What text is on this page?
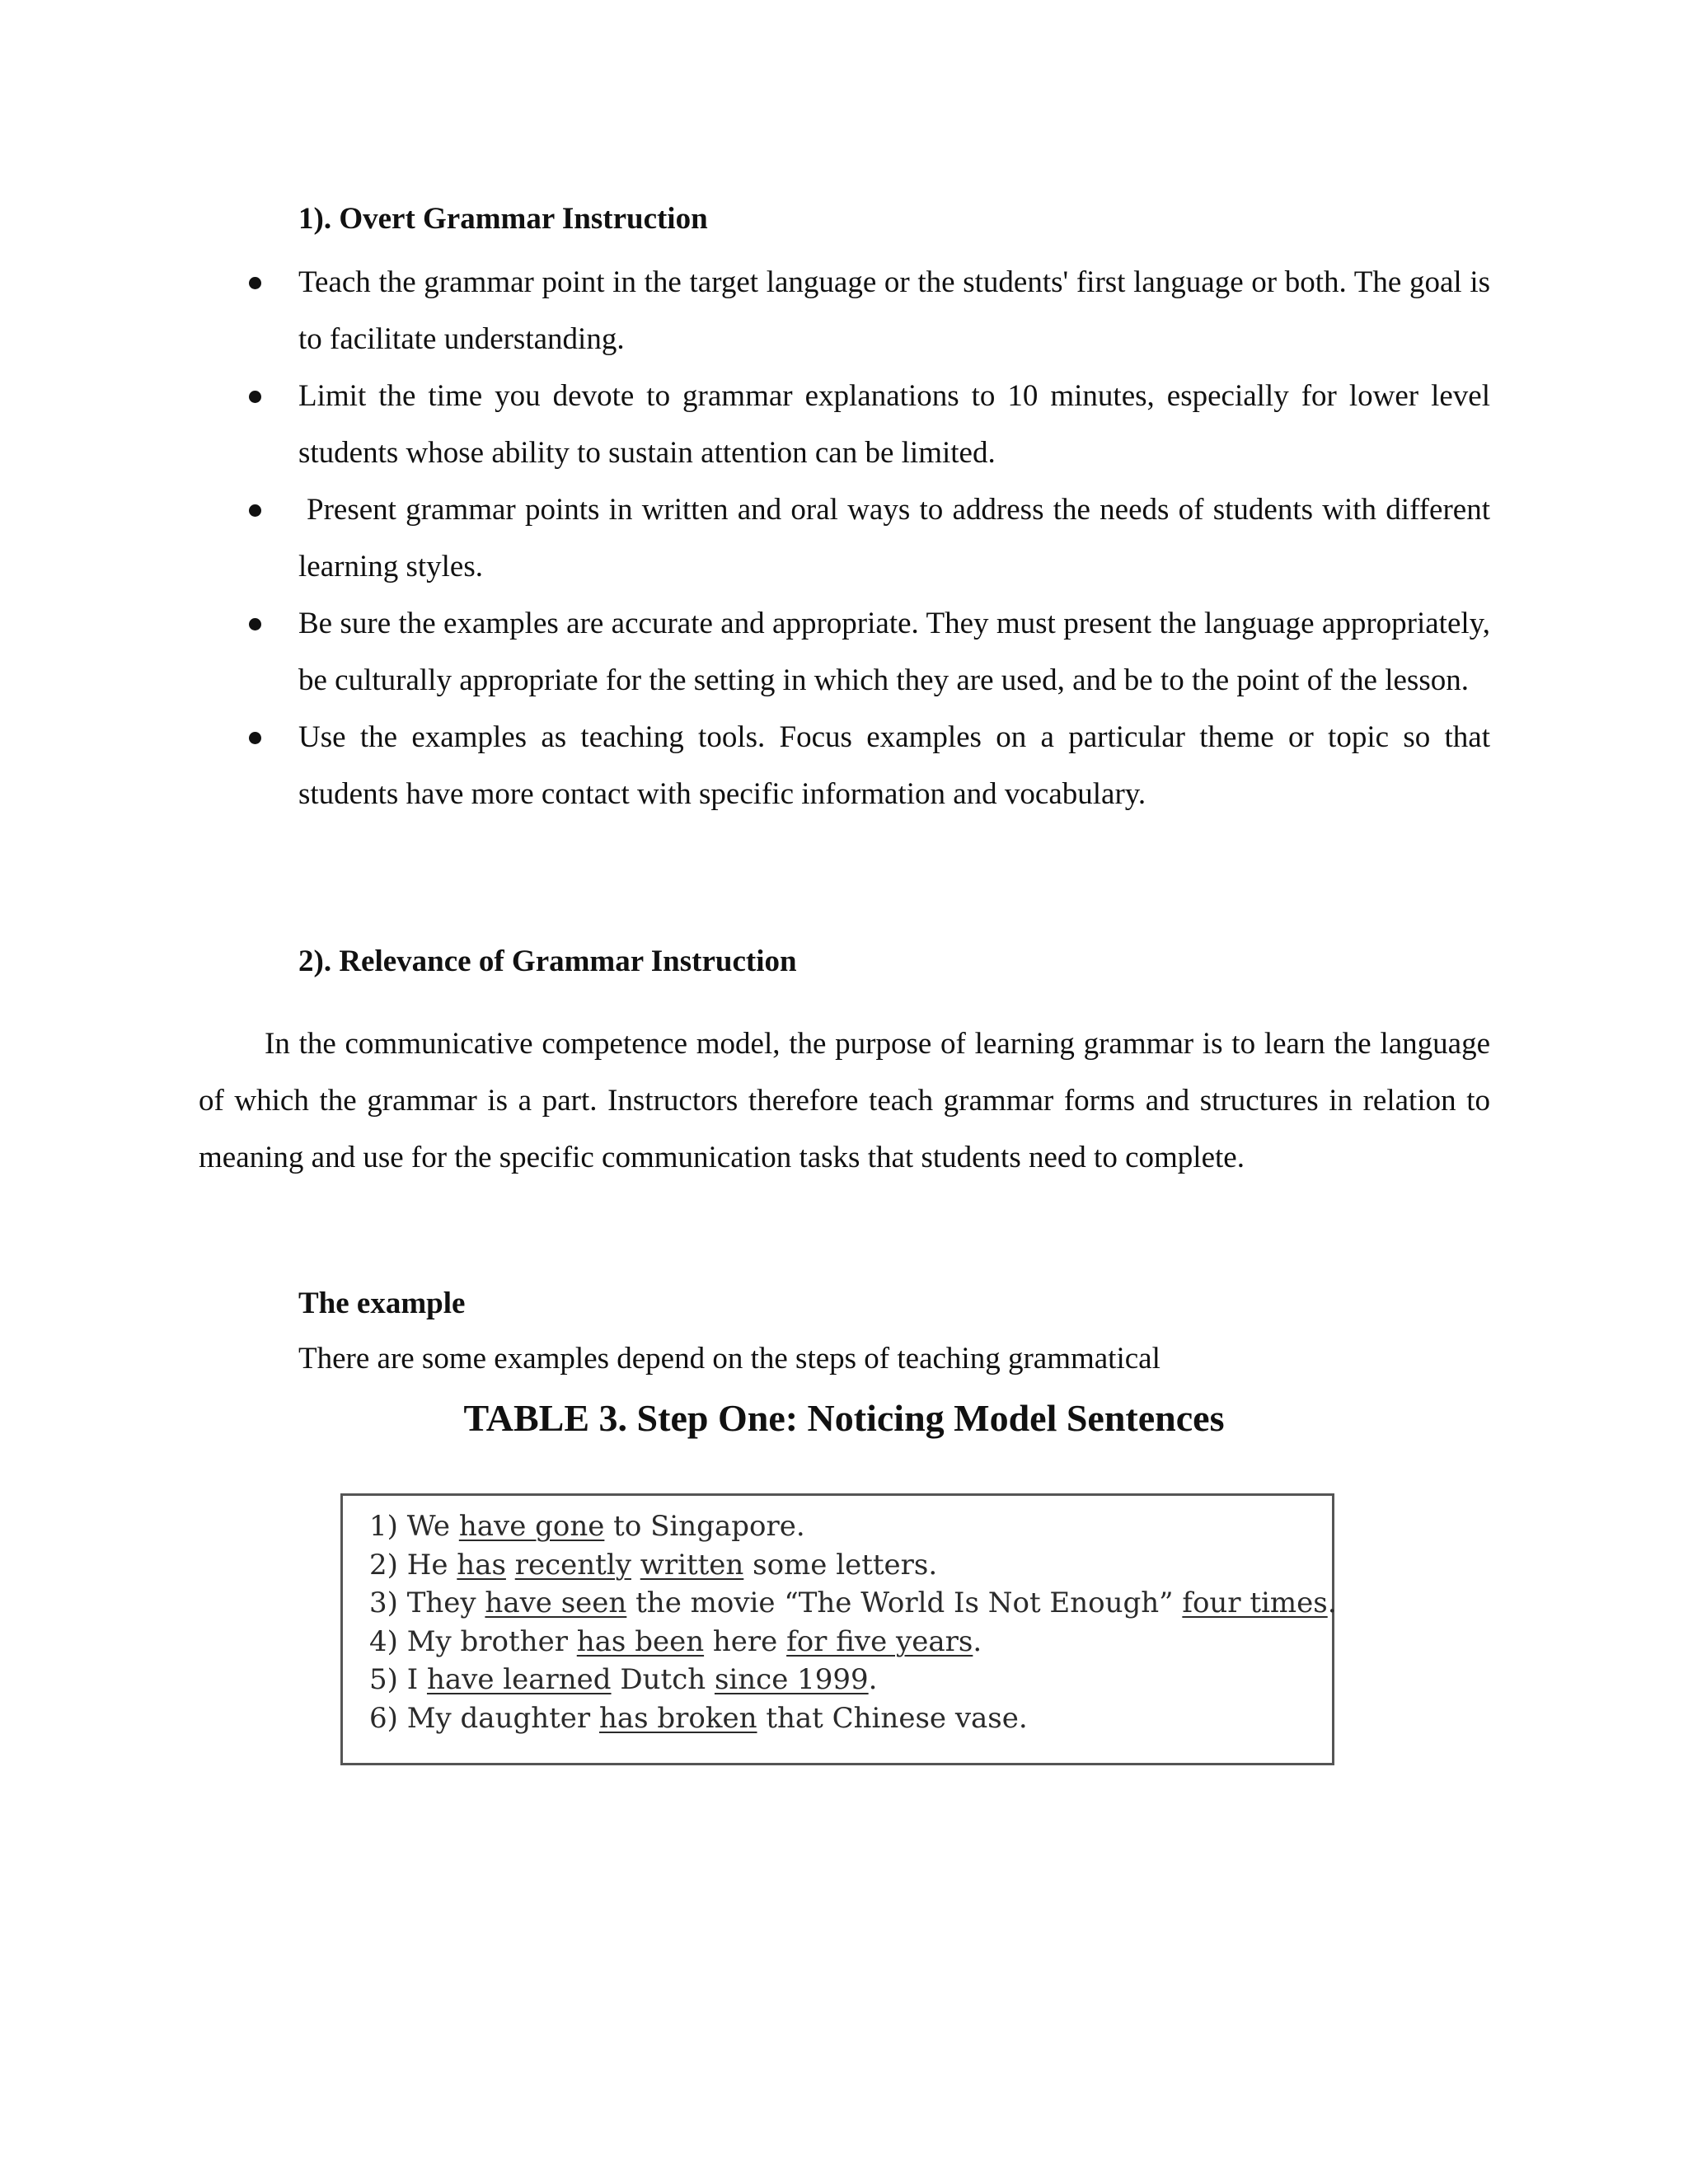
1). Overt Grammar Instruction
Teach the grammar point in the target language or the students' first language or both. The goal is to facilitate understanding.
Limit the time you devote to grammar explanations to 10 minutes, especially for lower level students whose ability to sustain attention can be limited.
Present grammar points in written and oral ways to address the needs of students with different learning styles.
Be sure the examples are accurate and appropriate. They must present the language appropriately, be culturally appropriate for the setting in which they are used, and be to the point of the lesson.
Use the examples as teaching tools. Focus examples on a particular theme or topic so that students have more contact with specific information and vocabulary.
2). Relevance of Grammar Instruction

In the communicative competence model, the purpose of learning grammar is to learn the language of which the grammar is a part. Instructors therefore teach grammar forms and structures in relation to meaning and use for the specific communication tasks that students need to complete.

The example

There are some examples depend on the steps of teaching grammatical

TABLE 3. Step One: Noticing Model Sentences
1) We have gone to Singapore.
2) He has recently written some letters.
3) They have seen the movie “The World Is Not Enough” four times.
4) My brother has been here for five years.
5) I have learned Dutch since 1999.
6) My daughter has broken that Chinese vase.
